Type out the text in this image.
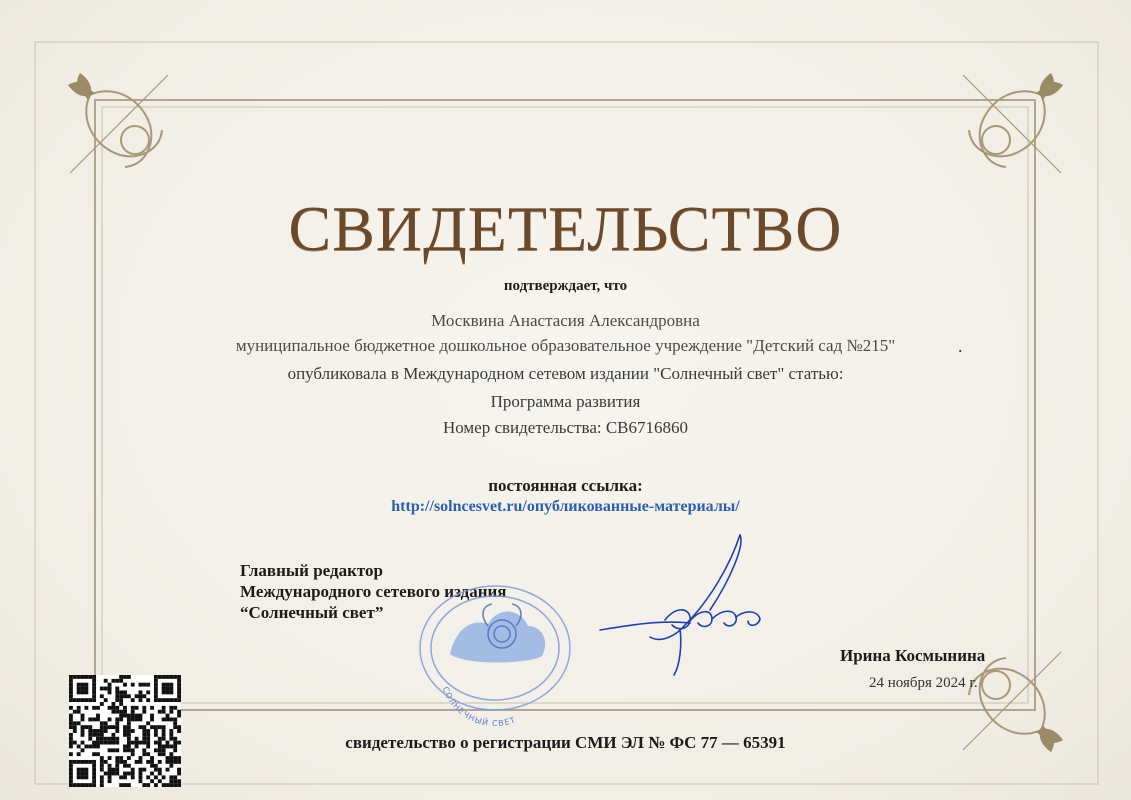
СВИДЕТЕЛЬСТВО
подтверждает, что
Москвина Анастасия Александровна
муниципальное бюджетное дошкольное образовательное учреждение "Детский сад №215"	.
опубликовала в Международном сетевом издании "Солнечный свет" статью:
Программа развития
Номер свидетельства: СВ6716860
постоянная ссылка:
http://solncesvet.ru/опубликованные-материалы/
Главный редактор
Международного сетевого издания
“Солнечный свет”
СОЛНЕЧНЫЙ СВЕТ
Ирина Космынина
24 ноября 2024 г.
свидетельство о регистрации СМИ ЭЛ № ФС 77 — 65391
